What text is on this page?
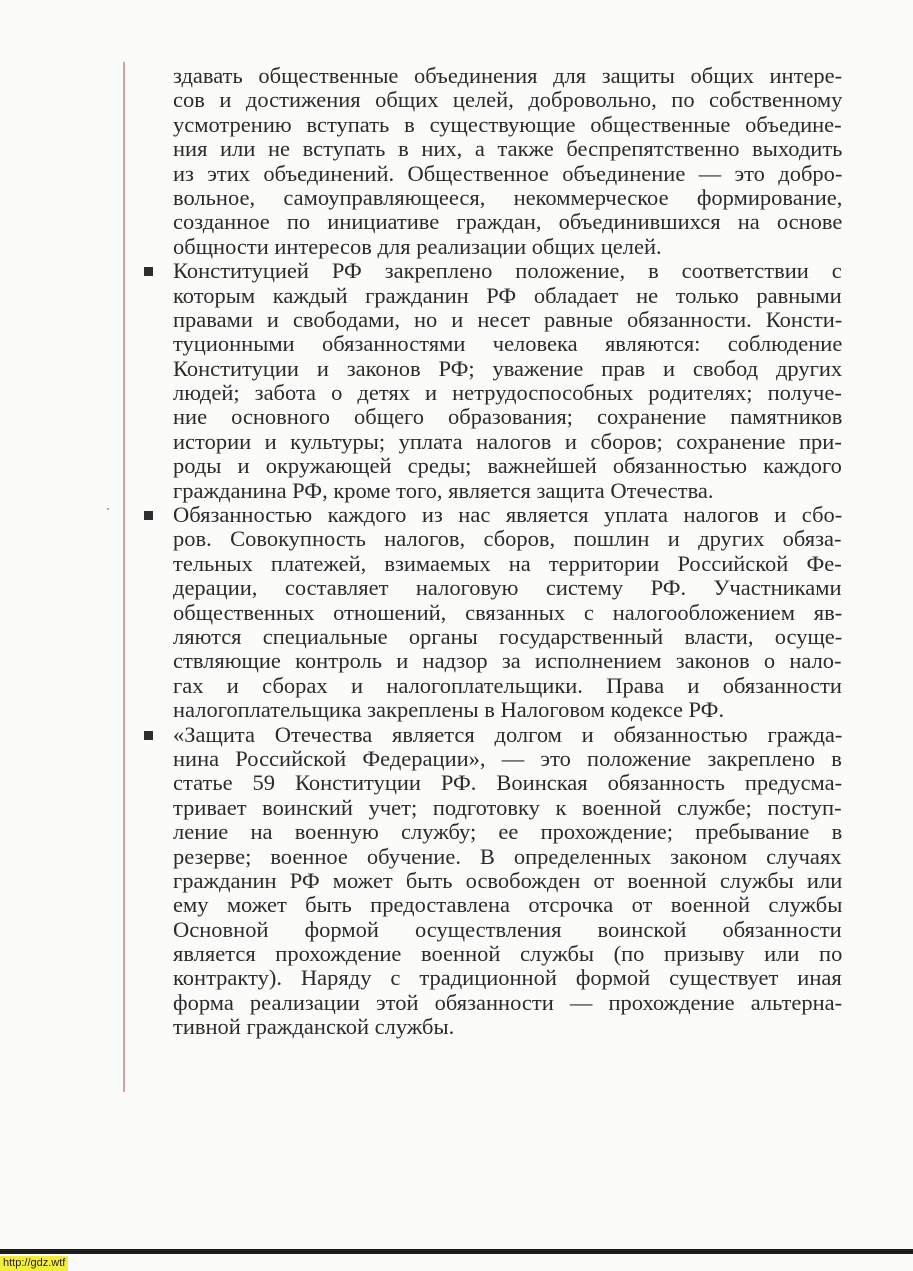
здавать общественные объединения для защиты общих интере-
сов и достижения общих целей, добровольно, по собственному
усмотрению вступать в существующие общественные объедине-
ния или не вступать в них, а также беспрепятственно выходить
из этих объединений. Общественное объединение — это добро-
вольное, самоуправляющееся, некоммерческое формирование,
созданное по инициативе граждан, объединившихся на основе
общности интересов для реализации общих целей.
Конституцией РФ закреплено положение, в соответствии с
которым каждый гражданин РФ обладает не только равными
правами и свободами, но и несет равные обязанности. Консти-
туционными обязанностями человека являются: соблюдение
Конституции и законов РФ; уважение прав и свобод других
людей; забота о детях и нетрудоспособных родителях; получе-
ние основного общего образования; сохранение памятников
истории и культуры; уплата налогов и сборов; сохранение при-
роды и окружающей среды; важнейшей обязанностью каждого
гражданина РФ, кроме того, является защита Отечества.
Обязанностью каждого из нас является уплата налогов и сбо-
ров. Совокупность налогов, сборов, пошлин и других обяза-
тельных платежей, взимаемых на территории Российской Фе-
дерации, составляет налоговую систему РФ. Участниками
общественных отношений, связанных с налогообложением яв-
ляются специальные органы государственный власти, осуще-
ствляющие контроль и надзор за исполнением законов о нало-
гах и сборах и налогоплательщики. Права и обязанности
налогоплательщика закреплены в Налоговом кодексе РФ.
«Защита Отечества является долгом и обязанностью гражда-
нина Российской Федерации», — это положение закреплено в
статье 59 Конституции РФ. Воинская обязанность предусма-
тривает воинский учет; подготовку к военной службе; поступ-
ление на военную службу; ее прохождение; пребывание в
резерве; военное обучение. В определенных законом случаях
гражданин РФ может быть освобожден от военной службы или
ему может быть предоставлена отсрочка от военной службы
Основной формой осуществления воинской обязанности
является прохождение военной службы (по призыву или по
контракту). Наряду с традиционной формой существует иная
форма реализации этой обязанности — прохождение альтерна-
тивной гражданской службы.
http://gdz.wtf
